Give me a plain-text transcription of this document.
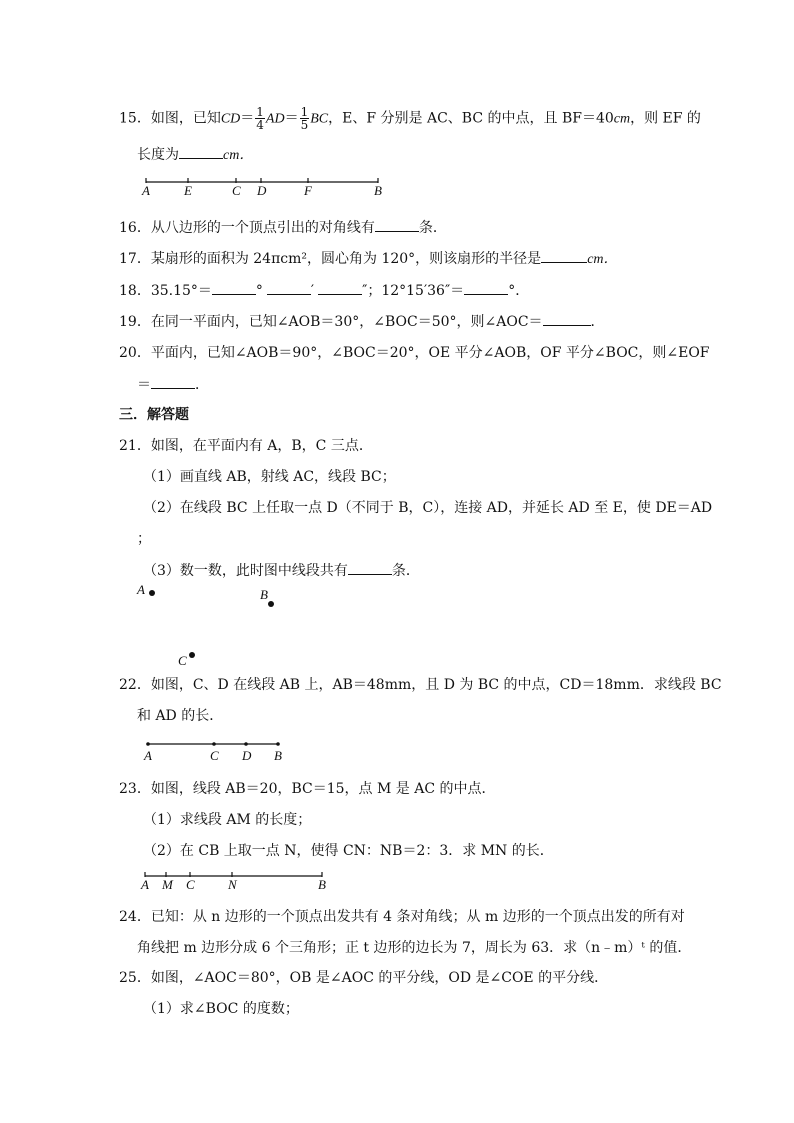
15．如图，已知$CD= \frac{1}{4} AD= \frac{1}{5}$ BC，E、F 分别是 AC、BC 的中点，且 BF＝40cm，则 EF 的
长度为	cm．
A	E	C D	F	B
16．从八边形的一个顶点引出的对角线有	条．
17．某扇形的面积为 24πcm²，圆心角为 120°，则该扇形的半径是	cm．
18．35.15°＝	°	′	″；12°15′36″＝	°．
19．在同一平面内，已知∠AOB＝30°，∠BOC＝50°，则∠AOC＝	．
20．平面内，已知∠AOB＝90°，∠BOC＝20°，OE 平分∠AOB，OF 平分∠BOC，则∠EOF
＝	．
三．解答题
21．如图，在平面内有 A，B，C 三点．
（1）画直线 AB，射线 AC，线段 BC；
（2）在线段 BC 上任取一点 D（不同于 B，C），连接 AD，并延长 AD 至 E，使 DE＝AD
；
（3）数一数，此时图中线段共有	条．
A	B
C
22．如图，C、D 在线段 AB 上，AB＝48mm，且 D 为 BC 的中点，CD＝18mm．求线段 BC
和 AD 的长．
A	C D B
23．如图，线段 AB＝20，BC＝15，点 M 是 AC 的中点．
（1）求线段 AM 的长度；
（2）在 CB 上取一点 N，使得 CN：NB＝2：3．求 MN 的长．
A M C	N	B
24．已知：从 n 边形的一个顶点出发共有 4 条对角线；从 m 边形的一个顶点出发的所有对
角线把 m 边形分成 6 个三角形；正 t 边形的边长为 7，周长为 63．求（n﹣m）ᵗ 的值．
25．如图，∠AOC＝80°，OB 是∠AOC 的平分线，OD 是∠COE 的平分线．
（1）求∠BOC 的度数；
